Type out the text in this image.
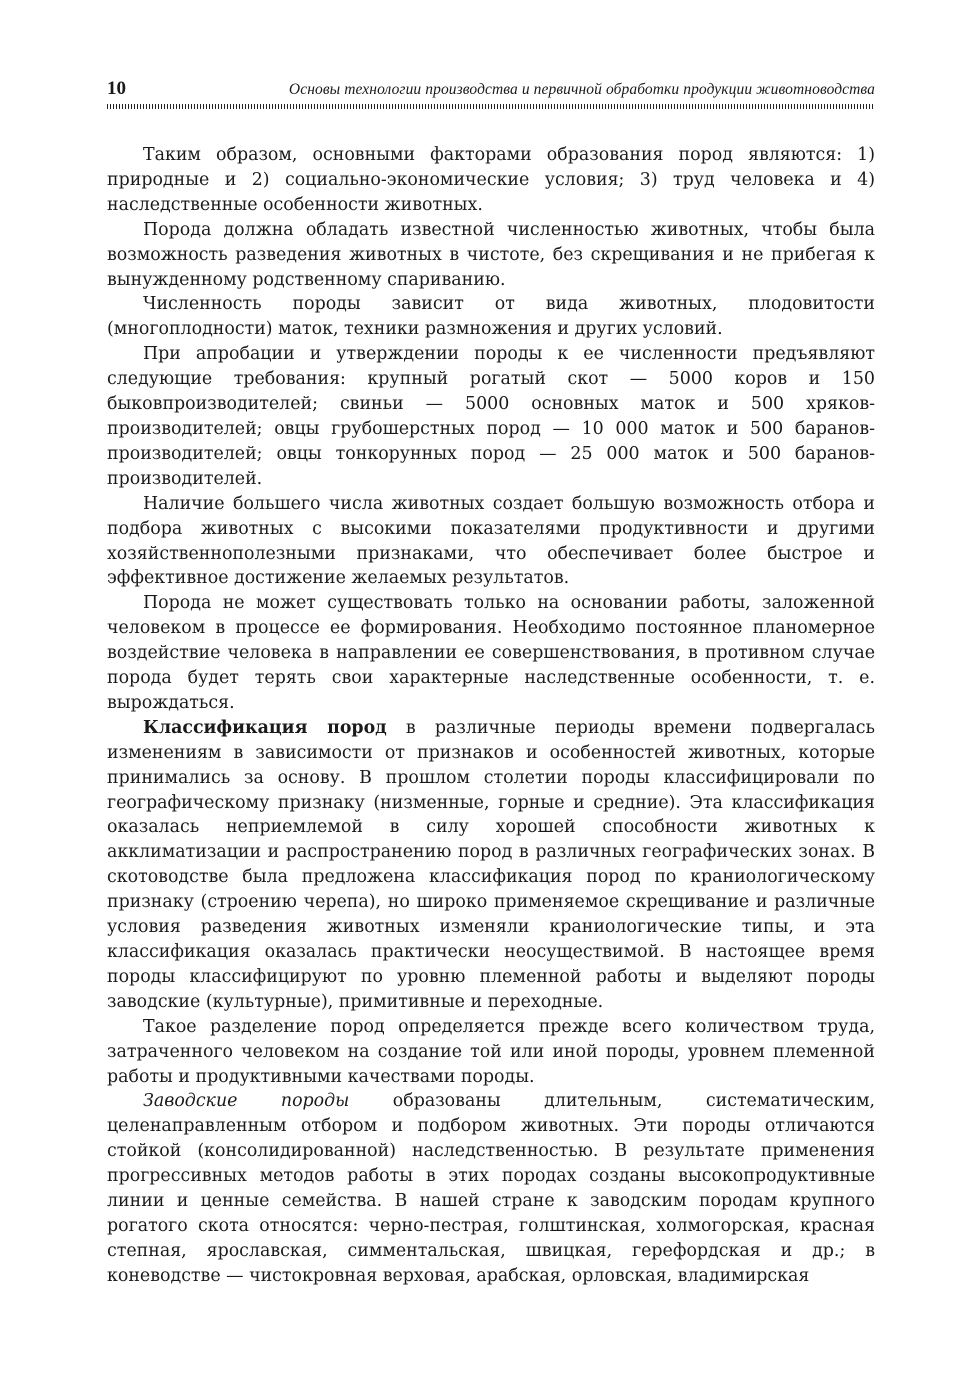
10	Основы технологии производства и первичной обработки продукции животноводства

Таким образом, основными факторами образования пород являются: 1) природные и 2) социально-экономические условия; 3) труд человека и 4) наследственные особенности животных.

Порода должна обладать известной численностью животных, чтобы была возможность разведения животных в чистоте, без скрещивания и не прибегая к вынужденному родственному спариванию.

Численность породы зависит от вида животных, плодовитости (многоплодности) маток, техники размножения и других условий.

При апробации и утверждении породы к ее численности предъявляют следующие требования: крупный рогатый скот — 5000 коров и 150 быковпроизводителей; свиньи — 5000 основных маток и 500 хряков-производителей; овцы грубошерстных пород — 10 000 маток и 500 баранов-производителей; овцы тонкорунных пород — 25 000 маток и 500 баранов-производителей.

Наличие большего числа животных создает большую возможность отбора и подбора животных с высокими показателями продуктивности и другими хозяйственнополезными признаками, что обеспечивает более быстрое и эффективное достижение желаемых результатов.

Порода не может существовать только на основании работы, заложенной человеком в процессе ее формирования. Необходимо постоянное планомерное воздействие человека в направлении ее совершенствования, в противном случае порода будет терять свои характерные наследственные особенности, т. е. вырождаться.

Классификация пород в различные периоды времени подвергалась изменениям в зависимости от признаков и особенностей животных, которые принимались за основу. В прошлом столетии породы классифицировали по географическому признаку (низменные, горные и средние). Эта классификация оказалась неприемлемой в силу хорошей способности животных к акклиматизации и распространению пород в различных географических зонах. В скотоводстве была предложена классификация пород по краниологическому признаку (строению черепа), но широко применяемое скрещивание и различные условия разведения животных изменяли краниологические типы, и эта классификация оказалась практически неосуществимой. В настоящее время породы классифицируют по уровню племенной работы и выделяют породы заводские (культурные), примитивные и переходные.

Такое разделение пород определяется прежде всего количеством труда, затраченного человеком на создание той или иной породы, уровнем племенной работы и продуктивными качествами породы.

Заводские породы образованы длительным, систематическим, целенаправленным отбором и подбором животных. Эти породы отличаются стойкой (консолидированной) наследственностью. В результате применения прогрессивных методов работы в этих породах созданы высокопродуктивные линии и ценные семейства. В нашей стране к заводским породам крупного рогатого скота относятся: черно-пестрая, голштинская, холмогорская, красная степная, ярославская, симментальская, швицкая, герефордская и др.; в коневодстве — чистокровная верховая, арабская, орловская, владимирская
